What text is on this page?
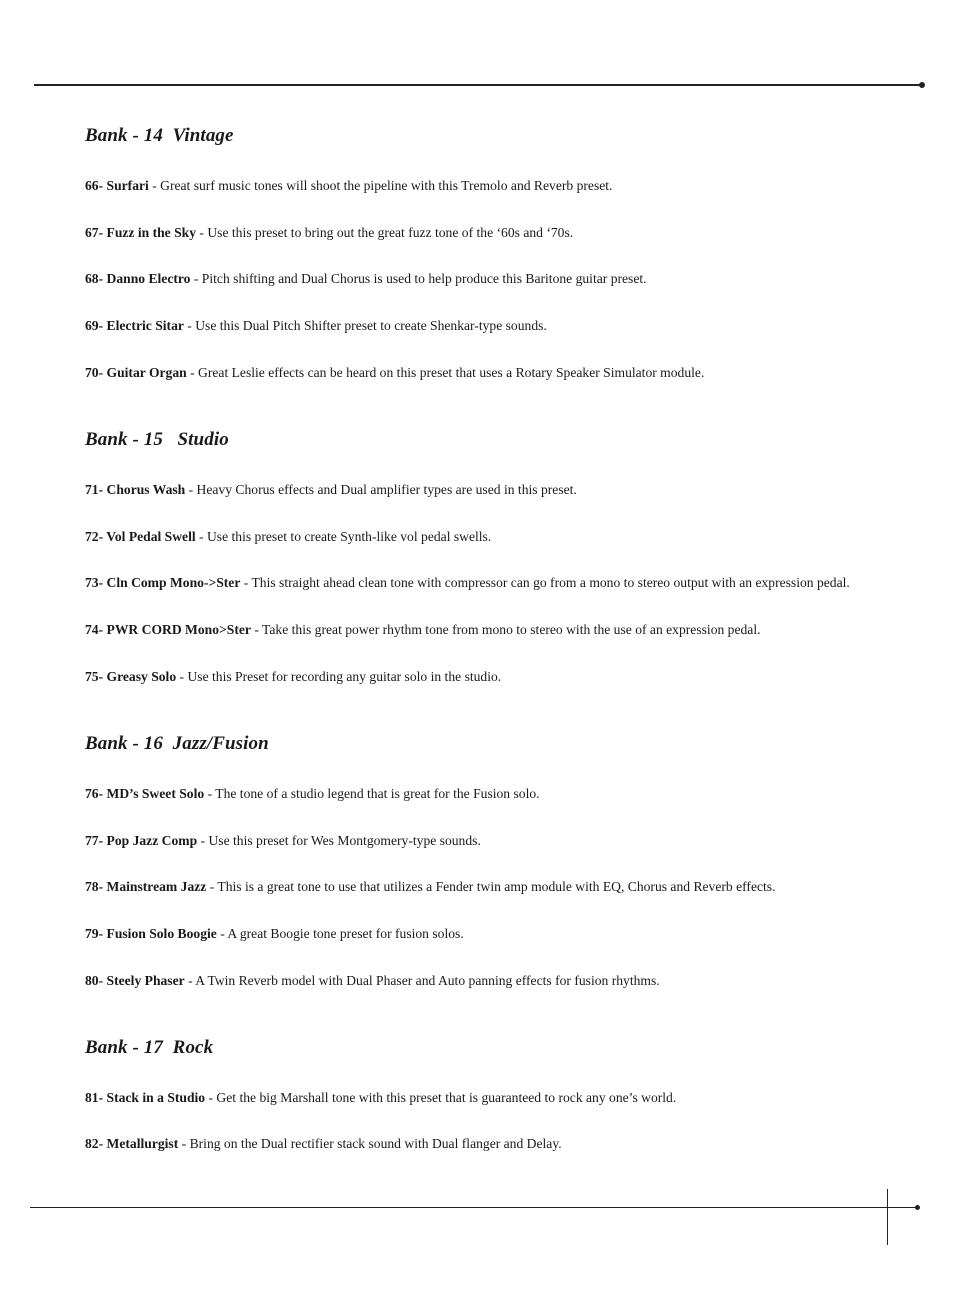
Bank - 14  Vintage

66- Surfari - Great surf music tones will shoot the pipeline with this Tremolo and Reverb preset.

67- Fuzz in the Sky - Use this preset to bring out the great fuzz tone of the ‘60s and ‘70s.

68- Danno Electro - Pitch shifting and Dual Chorus is used to help produce this Baritone guitar preset.

69- Electric Sitar - Use this Dual Pitch Shifter preset to create Shenkar-type sounds.

70- Guitar Organ - Great Leslie effects can be heard on this preset that uses a Rotary Speaker Simulator module.

Bank - 15   Studio

71- Chorus Wash - Heavy Chorus effects and Dual amplifier types are used in this preset.

72- Vol Pedal Swell - Use this preset to create Synth-like vol pedal swells.

73- Cln Comp Mono->Ster - This straight ahead clean tone with compressor can go from a mono to stereo output with an expression pedal.

74- PWR CORD Mono>Ster - Take this great power rhythm tone from mono to stereo with the use of an expression pedal.

75- Greasy Solo - Use this Preset for recording any guitar solo in the studio.

Bank - 16  Jazz/Fusion

76- MD’s Sweet Solo - The tone of a studio legend that is great for the Fusion solo.

77- Pop Jazz Comp - Use this preset for Wes Montgomery-type sounds.

78- Mainstream Jazz - This is a great tone to use that utilizes a Fender twin amp module with EQ, Chorus and Reverb effects.

79- Fusion Solo Boogie - A great Boogie tone preset for fusion solos.

80- Steely Phaser - A Twin Reverb model with Dual Phaser and Auto panning effects for fusion rhythms.

Bank - 17  Rock

81- Stack in a Studio - Get the big Marshall tone with this preset that is guaranteed to rock any one’s world.

82- Metallurgist - Bring on the Dual rectifier stack sound with Dual flanger and Delay.
